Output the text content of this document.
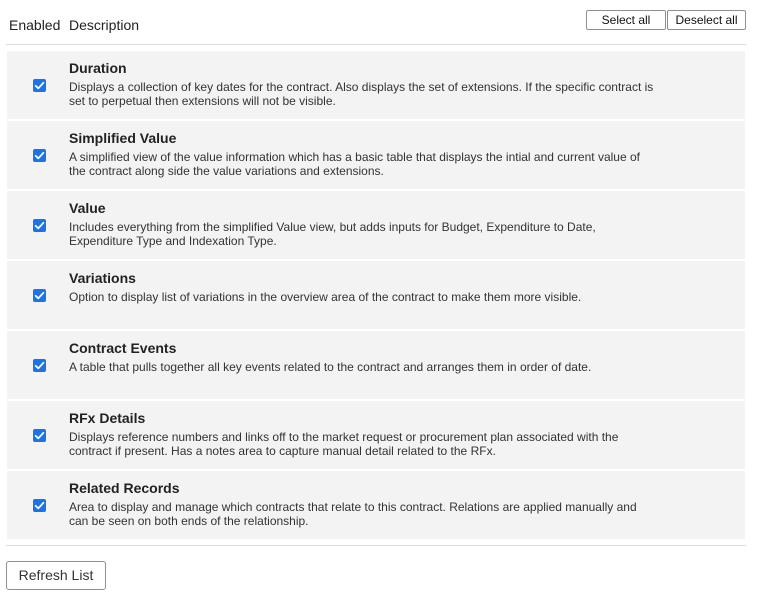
Enabled Description	Select all	Deselect all
Duration
Displays a collection of key dates for the contract. Also displays the set of extensions. If the specific contract is set to perpetual then extensions will not be visible.
Simplified Value
A simplified view of the value information which has a basic table that displays the intial and current value of the contract along side the value variations and extensions.
Value
Includes everything from the simplified Value view, but adds inputs for Budget, Expenditure to Date, Expenditure Type and Indexation Type.
Variations
Option to display list of variations in the overview area of the contract to make them more visible.
Contract Events
A table that pulls together all key events related to the contract and arranges them in order of date.
RFx Details
Displays reference numbers and links off to the market request or procurement plan associated with the contract if present. Has a notes area to capture manual detail related to the RFx.
Related Records
Area to display and manage which contracts that relate to this contract. Relations are applied manually and can be seen on both ends of the relationship.
Refresh List
